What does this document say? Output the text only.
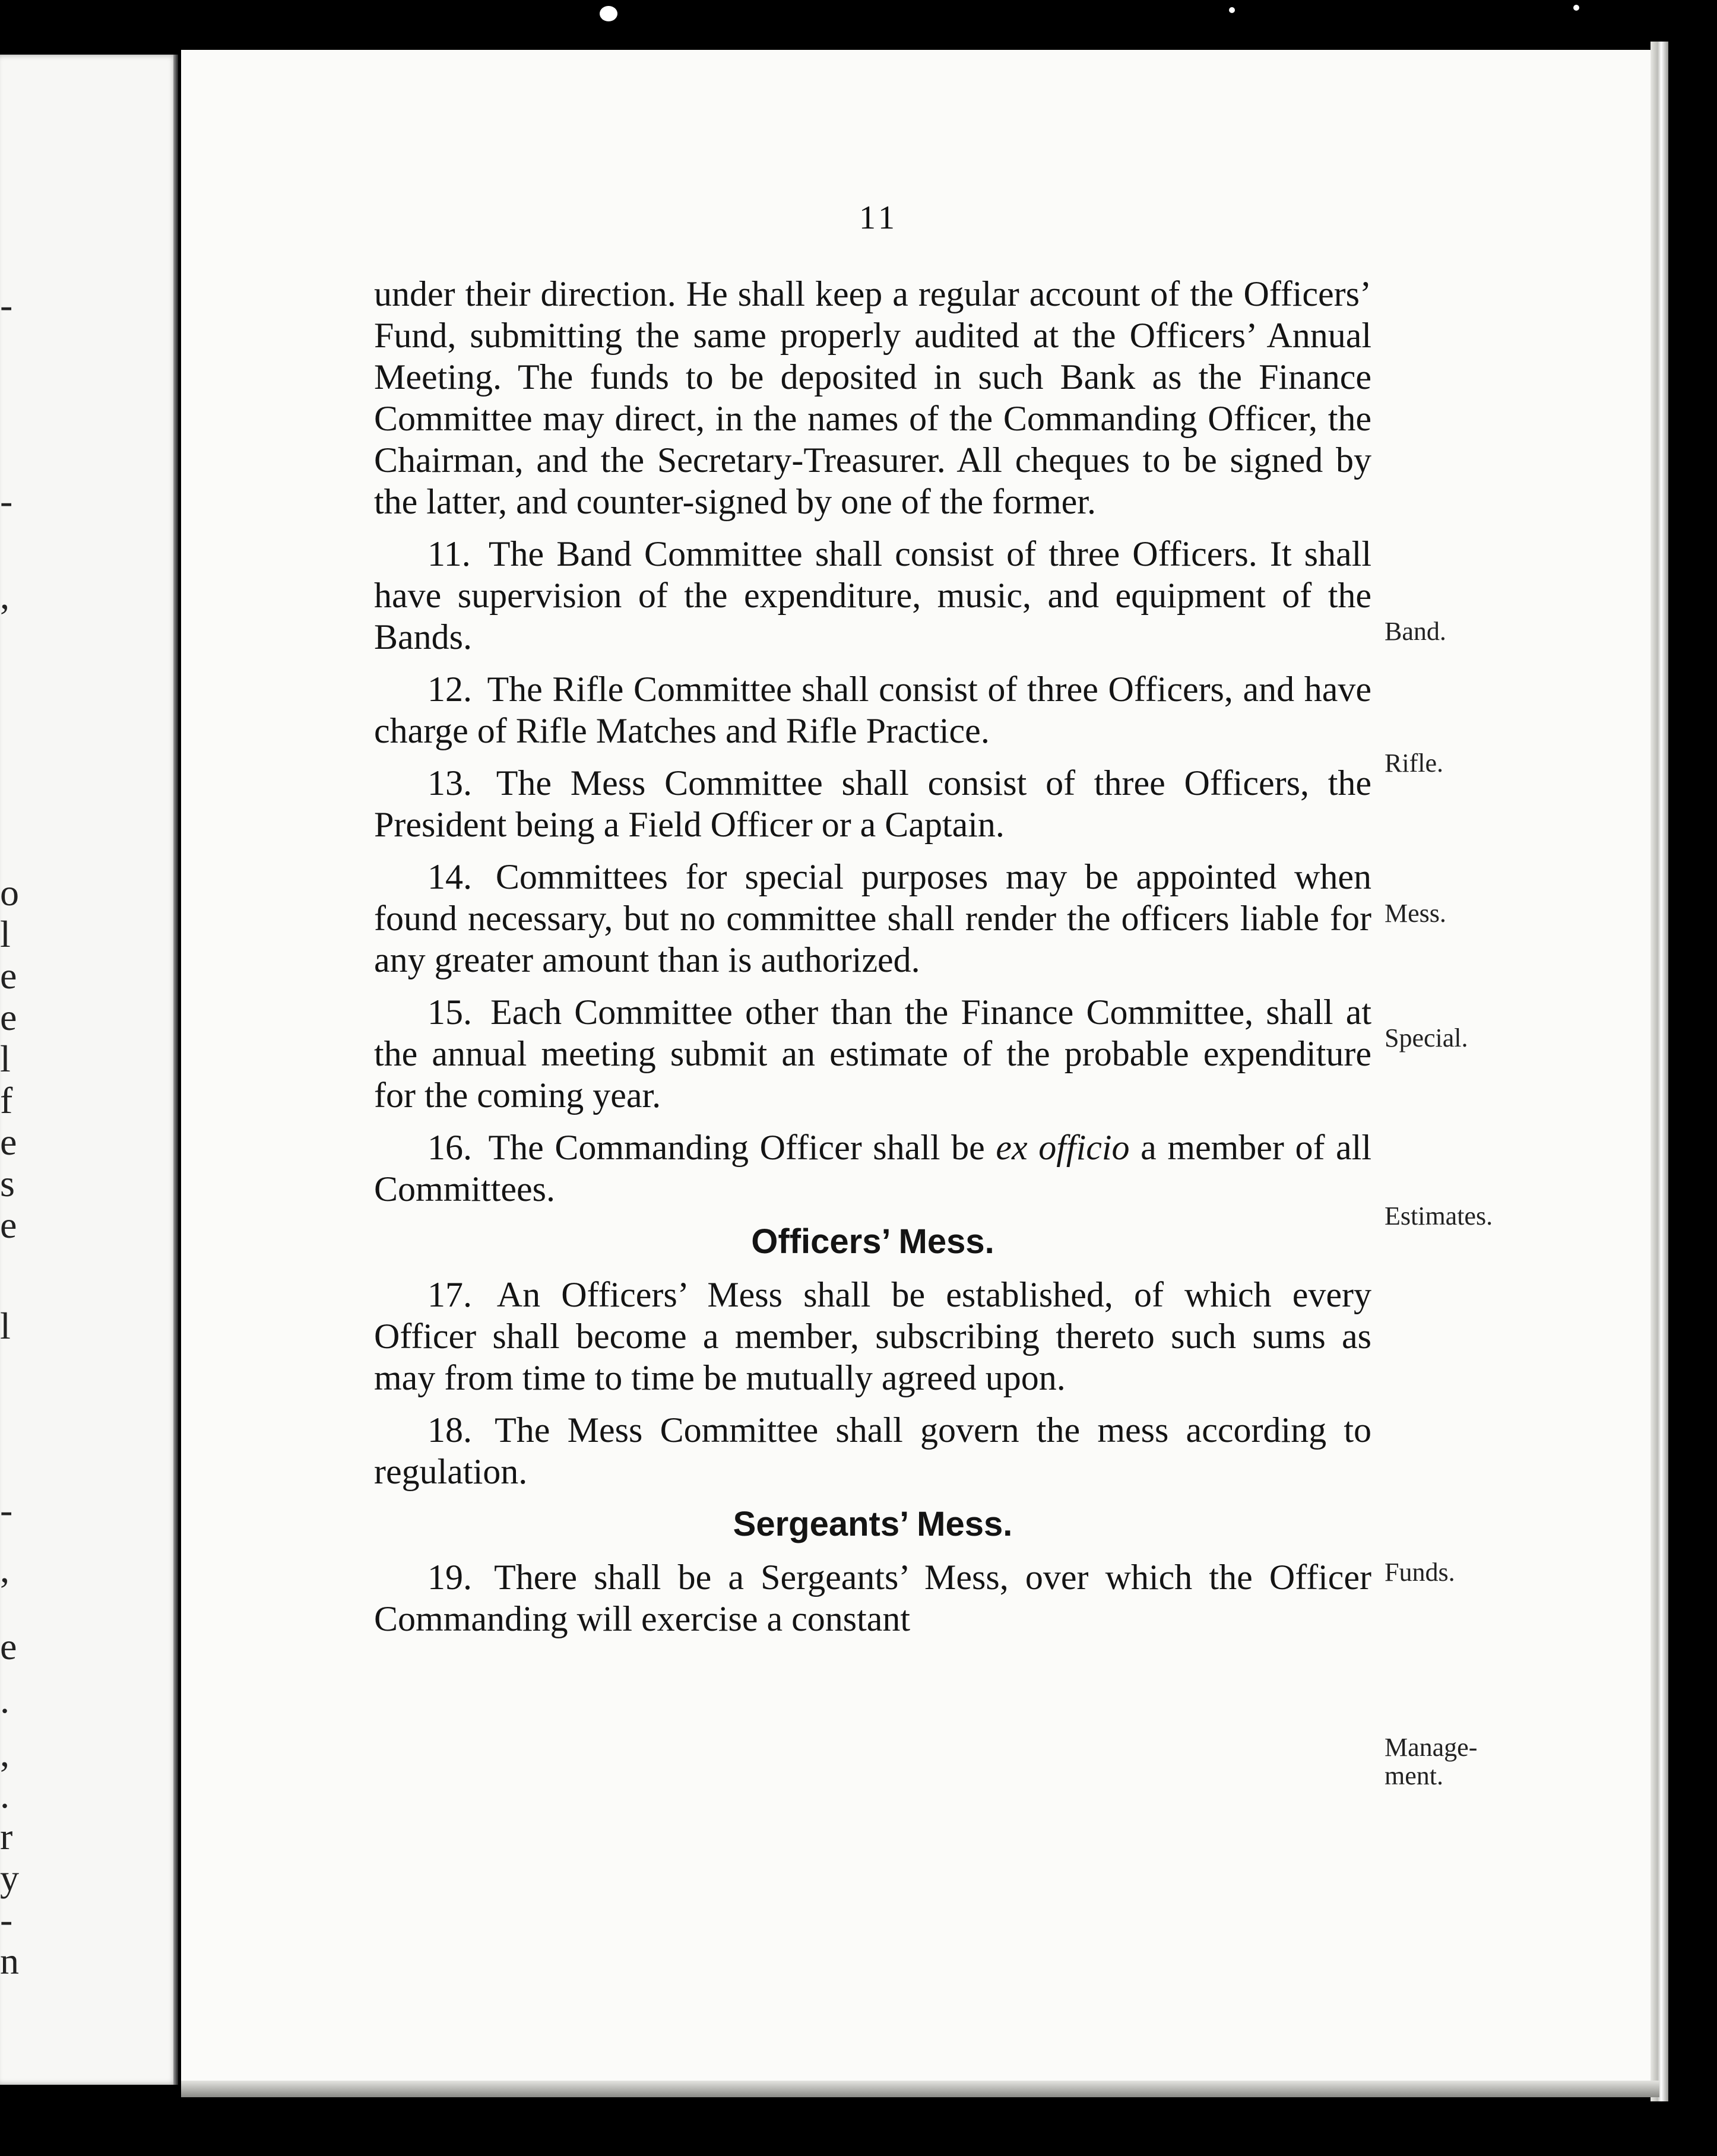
-
-
,
o
l
e
e
l
f
e
s
e
l
-
,
e
.
,
.
r
y
-
n
11

under their direction. He shall keep a regular account of the Officers’ Fund, submitting the same properly audited at the Officers’ Annual Meeting. The funds to be deposited in such Bank as the Finance Committee may direct, in the names of the Commanding Officer, the Chairman, and the Secretary-Treasurer. All cheques to be signed by the latter, and counter-signed by one of the former.

11. The Band Committee shall consist of three Officers. It shall have supervision of the expenditure, music, and equipment of the Bands.

12. The Rifle Committee shall consist of three Officers, and have charge of Rifle Matches and Rifle Practice.

13. The Mess Committee shall consist of three Officers, the President being a Field Officer or a Captain.

14. Committees for special purposes may be appointed when found necessary, but no committee shall render the officers liable for any greater amount than is authorized.

15. Each Committee other than the Finance Committee, shall at the annual meeting submit an estimate of the probable expenditure for the coming year.

16. The Commanding Officer shall be ex officio a member of all Committees.

Officers’ Mess.

17. An Officers’ Mess shall be established, of which every Officer shall become a member, subscribing thereto such sums as may from time to time be mutually agreed upon.

18. The Mess Committee shall govern the mess according to regulation.

Sergeants’ Mess.

19. There shall be a Sergeants’ Mess, over which the Officer Commanding will exercise a constant

Band.
Rifle.
Mess.
Special.
Estimates.
Funds.
Manage-
ment.
